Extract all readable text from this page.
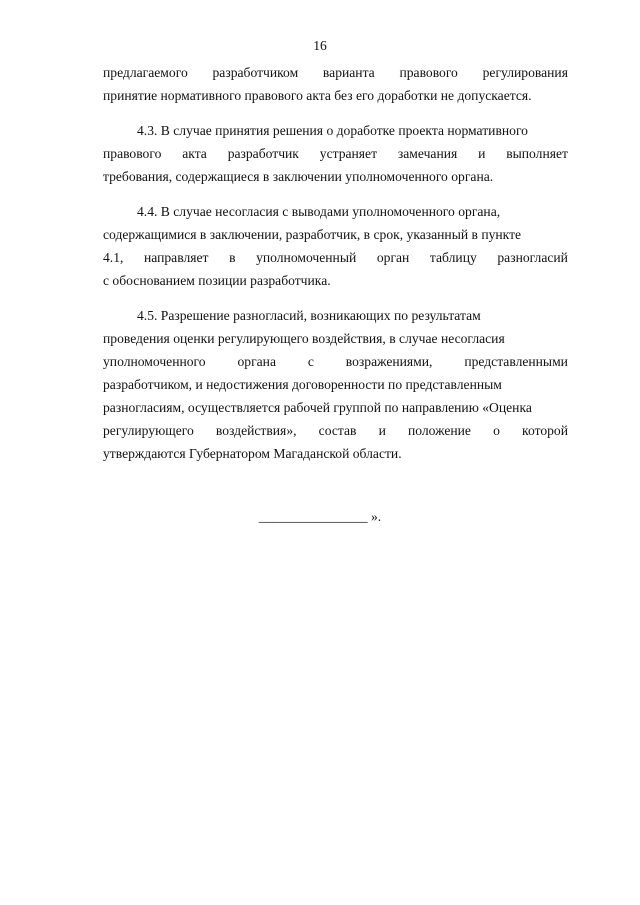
16
предлагаемого разработчиком варианта правового регулирования
принятие нормативного правового акта без его доработки не допускается.
4.3. В случае принятия решения о доработке проекта нормативного
правового акта разработчик устраняет замечания и выполняет
требования, содержащиеся в заключении уполномоченного органа.
4.4. В случае несогласия с выводами уполномоченного органа,
содержащимися в заключении, разработчик, в срок, указанный в пункте
4.1, направляет в уполномоченный орган таблицу разногласий
с обоснованием позиции разработчика.
4.5. Разрешение разногласий, возникающих по результатам
проведения оценки регулирующего воздействия, в случае несогласия
уполномоченного органа с возражениями, представленными
разработчиком, и недостижения договоренности по представленным
разногласиям, осуществляется рабочей группой по направлению «Оценка
регулирующего воздействия», состав и положение о которой
утверждаются Губернатором Магаданской области.
________________ ».
